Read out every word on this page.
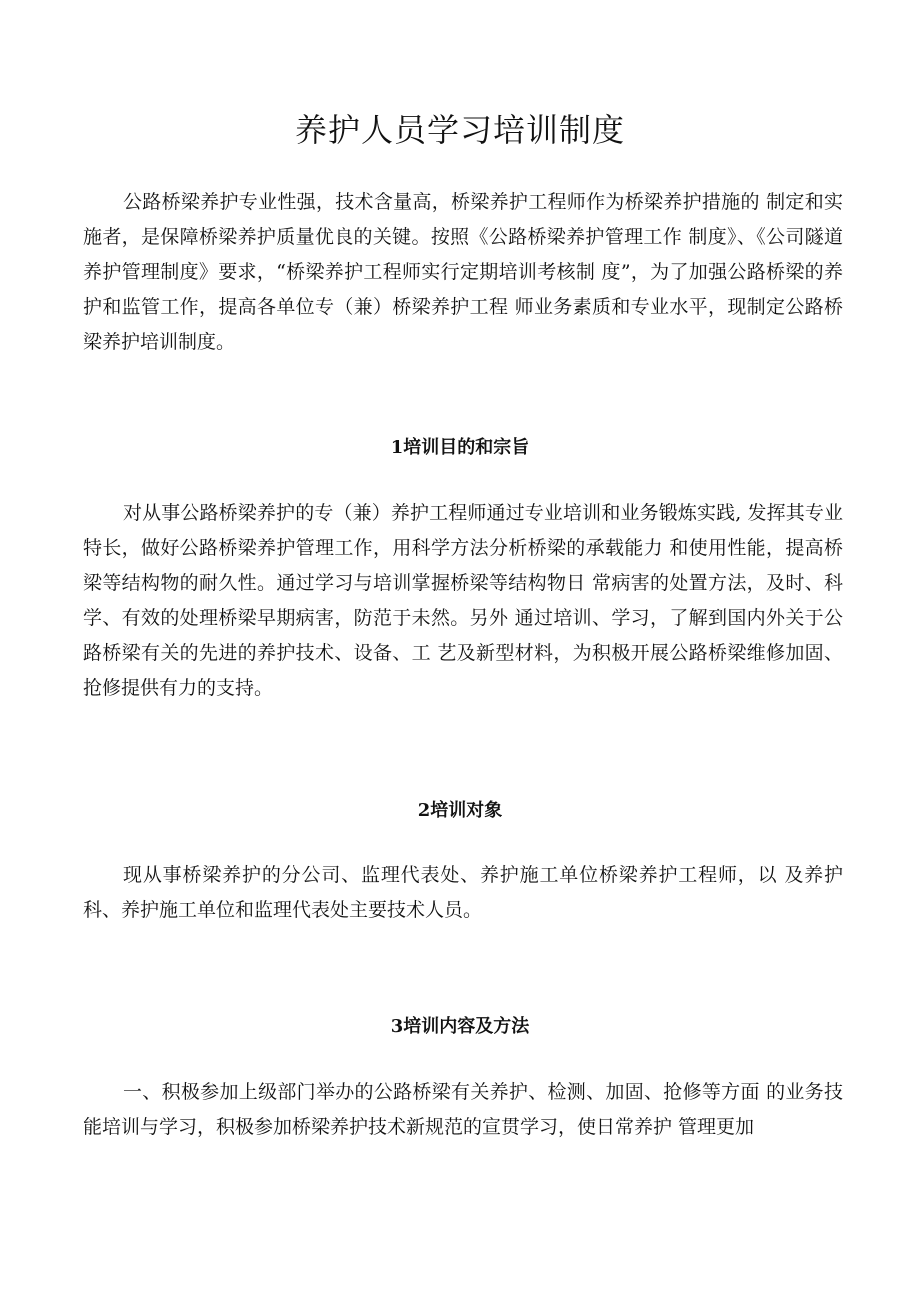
养护人员学习培训制度

公路桥梁养护专业性强，技术含量高，桥梁养护工程师作为桥梁养护措施的 制定和实施者，是保障桥梁养护质量优良的关键。按照《公路桥梁养护管理工作 制度》、《公司隧道养护管理制度》要求，“桥梁养护工程师实行定期培训考核制 度”，为了加强公路桥梁的养护和监管工作，提高各单位专（兼）桥梁养护工程 师业务素质和专业水平，现制定公路桥梁养护培训制度。

1培训目的和宗旨

对从事公路桥梁养护的专（兼）养护工程师通过专业培训和业务锻炼实践, 发挥其专业特长，做好公路桥梁养护管理工作，用科学方法分析桥梁的承载能力 和使用性能，提高桥梁等结构物的耐久性。通过学习与培训掌握桥梁等结构物日 常病害的处置方法，及时、科学、有效的处理桥梁早期病害，防范于未然。另外 通过培训、学习，了解到国内外关于公路桥梁有关的先进的养护技术、设备、工 艺及新型材料，为积极开展公路桥梁维修加固、抢修提供有力的支持。

2培训对象

现从事桥梁养护的分公司、监理代表处、养护施工单位桥梁养护工程师，以 及养护科、养护施工单位和监理代表处主要技术人员。

3培训内容及方法

一、积极参加上级部门举办的公路桥梁有关养护、检测、加固、抢修等方面 的业务技能培训与学习，积极参加桥梁养护技术新规范的宣贯学习，使日常养护 管理更加
